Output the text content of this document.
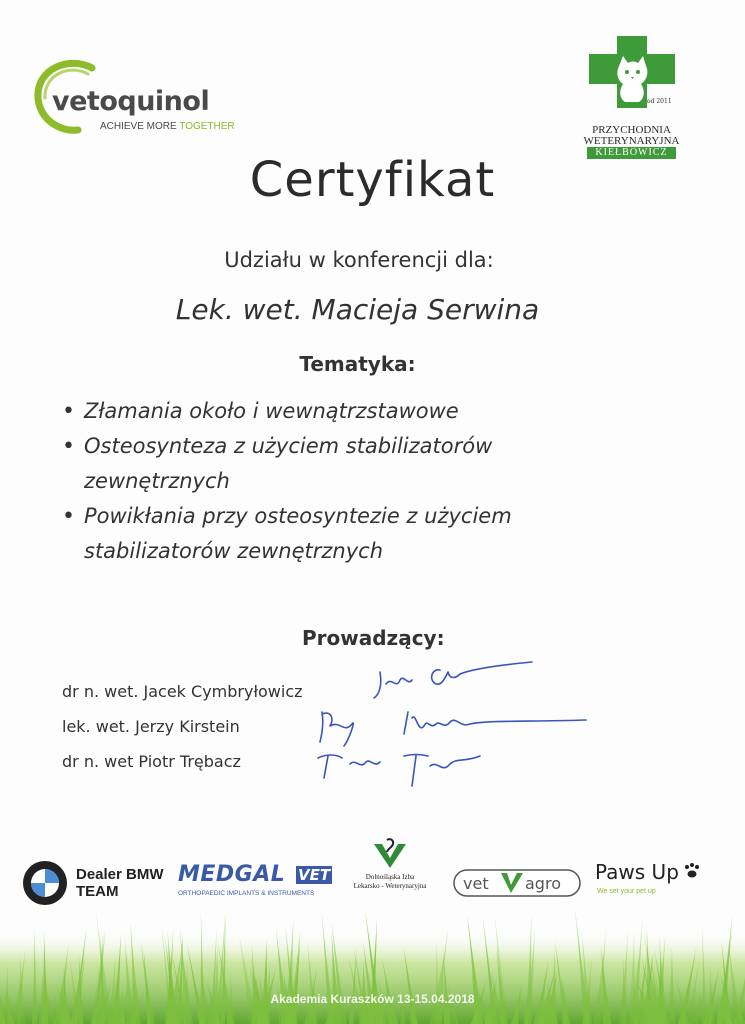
vetoquinol
ACHIEVE MORE TOGETHER
od 2011
PRZYCHODNIA
WETERYNARYJNA
KIEŁBOWICZ
Certyfikat
Udziału w konferencji dla:
Lek. wet. Macieja Serwina
Tematyka:
• Złamania około i wewnątrzstawowe
• Osteosynteza z użyciem stabilizatorów zewnętrznych
• Powikłania przy osteosyntezie z użyciem stabilizatorów zewnętrznych
Prowadzący:
dr n. wet. Jacek Cymbryłowicz
lek. wet. Jerzy Kirstein
dr n. wet Piotr Trębacz
Dealer BMW
TEAM
MEDGAL VET
ORTHOPAEDIC IMPLANTS & INSTRUMENTS
Dolnośląska Izba
Lekarsko - Weterynaryjna	vet agro Paws Up
We set your pet up
Akademia Kuraszków 13-15.04.2018
